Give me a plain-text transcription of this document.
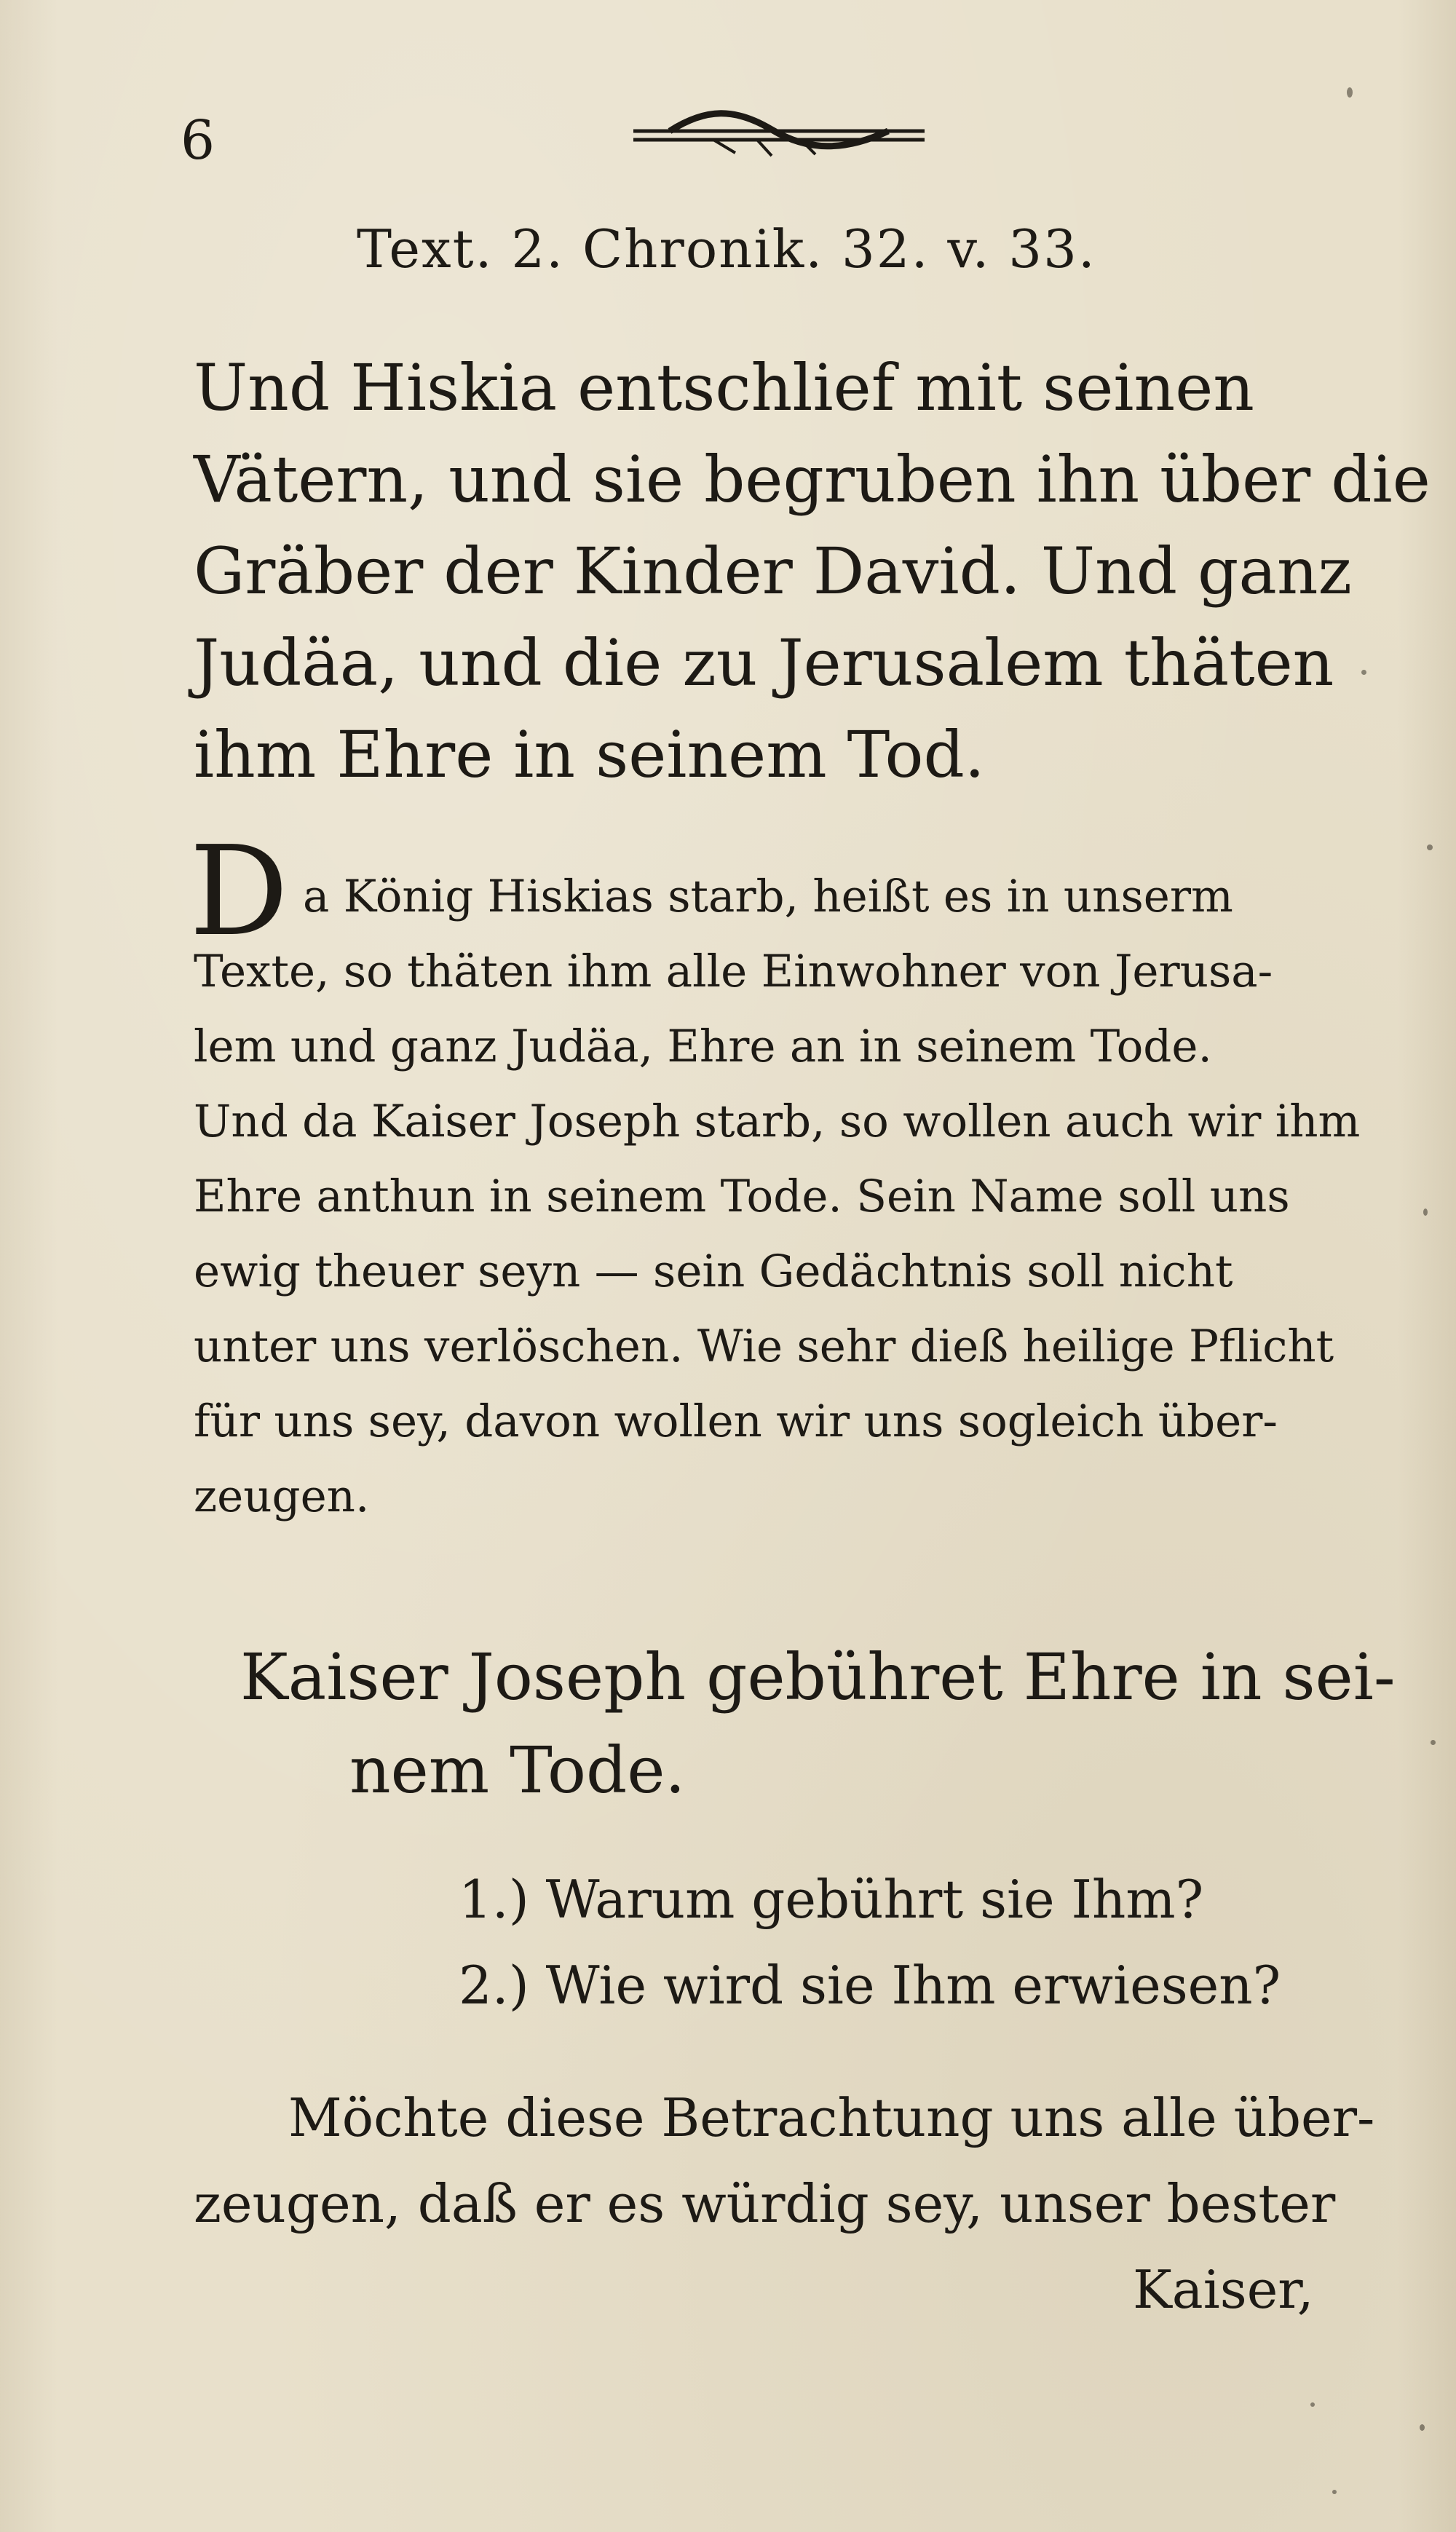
6
Text. 2. Chronik. 32. v. 33.
Und Hiskia entschlief mit seinen
Vätern, und sie begruben ihn über die
Gräber der Kinder David. Und ganz
Judäa, und die zu Jerusalem thäten
ihm Ehre in seinem Tod.
D a König Hiskias starb, heißt es in unserm
Texte, so thäten ihm alle Einwohner von Jerusa-
lem und ganz Judäa, Ehre an in seinem Tode.
Und da Kaiser Joseph starb, so wollen auch wir ihm
Ehre anthun in seinem Tode. Sein Name soll uns
ewig theuer seyn — sein Gedächtnis soll nicht
unter uns verlöschen. Wie sehr dieß heilige Pflicht
für uns sey, davon wollen wir uns sogleich über-
zeugen.
Kaiser Joseph gebühret Ehre in sei-
nem Tode.
1.) Warum gebührt sie Ihm?
2.) Wie wird sie Ihm erwiesen?
Möchte diese Betrachtung uns alle über-
zeugen, daß er es würdig sey, unser bester
Kaiser,
